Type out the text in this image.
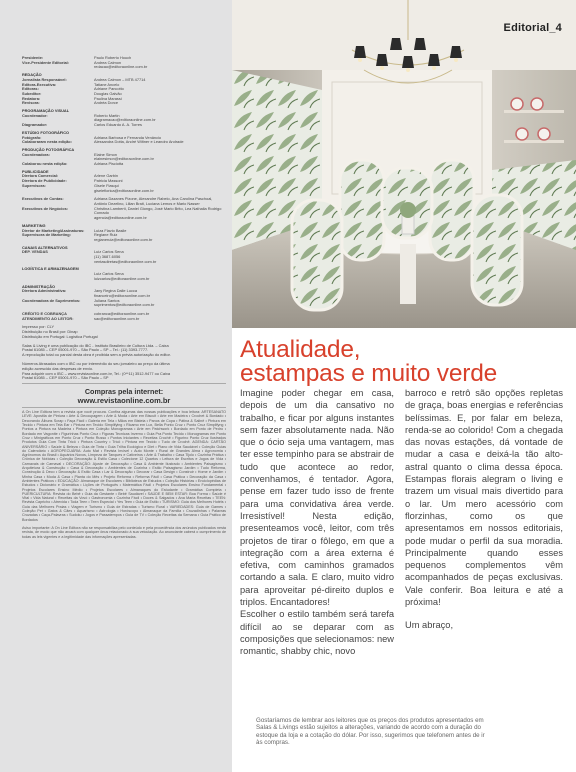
Presidente:	Paulo Roberto Houch
Vice-Presidente Editorial:	Andrea Calmon
redacao@editoraonline.com.br
REDAÇÃO
Jornalista Responsável:	Andrea Calmon – MTB 47714
Editora-Executiva:	Tatiane Ancelo
Editoras:	Adriane Pancotto
Subeditor:	Douglas Galvão
Redatora:	Paulina Marassi
Revisora:	Andréa Dorce
PROGRAMAÇÃO VISUAL
Coordenador:	Roberio Martin
diagramacao@editoraonline.com.br
Diagramador:	Carlos Eduardo A. A. Torres
ESTÚDIO FOTOGRÁFICO
Fotógrafo:	Adriana Barbosa e Fernanda Venâncio
Colaboraram nesta edição:	Alessandra Dotta, André Wiltner e Leandro Andrade
PRODUÇÃO FOTOGRÁFICA
Coordenadora:	Elaine Simon
elainesimon@editoraonline.com.br
Colaborou nesta edição:	Adriana Pisciotta
PUBLICIDADE
Diretora Comercial:	Arlene Garbin
Diretora de Publicidade:	Patricia Massoni
Supervisora:	Gisele Fiasqui
giselefiorica@editoraonline.com.br
Executivos de Contas:	Adriana Dazanes Pizone, Alexandre Rabelo, Ana Carolina Paschoal, Antônio Dezelino, Lilian Brait, Luciana Lemos e Mario Nasser
Executivos de Negócios:	Christina Lamberti, Daniel Giongo, José Mario Brito, Lea Nathalia Rodrigo Conrado
agencia@editoraonline.com.br
MARKETING
Diretor de Marketing/Assinaturas:	Luiza Flavio Basile
Supervisora de Marketing:	Regiane Ruiz
regianeruiz@editoraonline.com.br
CANAIS ALTERNATIVOS
DEP. VENDAS	Luiz Carlos Sena
(11) 3687-6056
ventasdiretas@editoraonline.com.br
LOGÍSTICA E ARMAZENAGEM
Luiz Carlos Sena
luizcarlos@editoraonline.com.br
ADMINISTRAÇÃO
Diretora Administrativa:	Jany Regina Dalle Lucca
financeiro@editoraonline.com.br
Coordenadora de Suprimentos:	Juliana Santos
suprimentos@editoraonline.com.br
CRÉDITO E COBRANÇA	cobranca@editoraonline.com.br
ATENDIMENTO AO LEITOR:	sac@editoraonline.com.br
Impresso por: CLY
Distribuição no Brasil por: Dinap
Distribuição em Portugal: Logística Portugal
Salas & Living é uma publicação do IBC - Instituto Brasileiro de Cultura Ltda. – Caixa
Postal 61085 – CEP 05001-970 – São Paulo – SP – Tel.: (11) 3393-7777.
A reprodução total ou parcial desta obra é proibida sem a prévia autorização do editor.

Números Atrasados com o IBC ou por intermédio do seu jornaleiro ao preço da última
edição acrescido das despesas de envio.
Para adquirir com o IBC – www.revistaonline.com.br, Tel.: (0**11) 3512-9477 ou Caixa
Postal 61085 – CEP 05001-970 – São Paulo – SP
Compras pela internet:
www.revistaonline.com.br
A On Line Editora tem a revista que você procura. Confira algumas das nossas publicações e boa leitura: ARTESANATO LEVE: Apostila de Pintura • Arte & Decoupagem • Arte & Moda • Arte em Biscuit • Arte em Madeira • Crochet & Bordado • Decorando Álbuns Scrap • Faça Fácil • Galeria em Tela • Mãos em Bisteia • Panos de Copa • Pátina & Salinê • Pintura em Tecido • Pintura em Tela Ear • Pintura em Tecido Simplifying • Ricamo em Lux, Bella Ponto Cruz • Ponto Cruz Simplifyng • Pontos a Pintura na Madeira • Pintura em Coleção Monogramas • Arte em Patchwork • Bordado em Ponto de Pedro • Bordado em Vagonite • Figurinhas Ponto Cruz • Figuras Tecnicas Inverno • Guia Pra Ponto Tecido • Monogramas em Ponto Cruz • Minigráficos em Ponto Cruz • Ponto Russo • Pontos Iniciantes • Receitas Crochê • Figurino Ponto Cruz Ilustrados Produtos Guia Com Tinta Tricô • Pintura Country • Tricô • Pintura em Tecido • Tudo de Crochê. AGENDA: CARTÃO ANIVERSÁRIO • Saúde & Beleza • Guia de Tinta • Guia Trilha Ecológico e Diet • Plano de Vida Saudável • Coleção Guias do Calendário • AGROPECUÁRIA: Auto Mat • Revista Imóvel • Auto Monte • Rural de Grandes Alma • Agronomia • Agrônomos do Brasil • Aquários Novos, Limpeza de Tanques e Cativeiros • Arte & Trabalho • Casa Tijolo • Cozinha Prática • Crônica de Notícias • Coleção Decoração & Estilo Casa • Colecione 12 Quartos • Leitura de Escritos e Jogos de Vida • Carnavais de Carnaval • DECORAÇÃO: Ajuste de Decoração • Casa & Ambiente Ilustrado • Ambientes Paisagismo • Arquitetura & Construção • Casa & Decoração • Ambientes de Cozinha • Estilo Paisagismo Jardim • Tudo Reforma, Construção & Deco • Decoração & Estilo Casa • Lar & Decoração • Decorar • Casa Design • Construir • Home e Jardim • Minha Casa • Moda & Casa • Planta do Mês • Projeto Reforma • Reforma Fácil • Casa Prática • Decoração da Casa • Ambientes Práticos • EDUCAÇÃO: Almanaque de Escolares • Biblioteca de Estudos • Coleção Histórias • Enciclopédias de Estudos • Dicionário e Gramática • Lições de Português • Matemática Fácil • Projetos Escolares Ensino Fundamental • Projetos Escolares Ensino Médio • Projetos Escolares • Almanaques do Estudante • Gramática Completa • PUERICULTURA: Revista do Bebê • Guia da Gestante • Bebê Saudável • SAÚDE E BEM ESTAR: Boa Forma • Saúde é Vital • Vida Natural • Receitas da Vovó • Gastronomia • Cozinha Fácil • Doces & Salgados • Ana Maria Receitas • TEEN: Revista Capricho • Atrevida • Toda Teen • Teen Especial • Yes Teen • Guia de Estilo • TURISMO: Guia dos Melhores Hotéis • Guia das Melhores Praias • Viagem e Turismo • Guia de Estradas • Turismo Rural • VARIEDADES: Guia de Games • Coleção Pet • Gatos & Cães • Aquarismo • Astrologia • Horóscopo • Almanaque da Família • Cruzadinhas • Palavras Cruzadas • Caça-Palavras • Sudoku • Jogos e Passatempos • Guia de TV • Coleção Receitas da Semana • Guia Prático de Bordados
Aviso importante: A On Line Editora não se responsabiliza pelo conteúdo e pela procedência dos anúncios publicados nesta revista, de modo que não arcará com qualquer ônus relacionado à sua veiculação. Ao anunciante caberá o cumprimento de todas as leis vigentes e a legitimidade das informações apresentadas.
Editorial_4
Atualidade,
estampas e muito verde
Imagine poder chegar em casa, depois de um dia cansativo no trabalho, e ficar por alguns instantes sem fazer absolutamente nada. Não que o ócio seja uma vantagem, mas ter esse tempinho para se abstrair de tudo que acontece ao redor, convenhamos, é tentador. Agora, pense em fazer tudo isso de frente para uma convidativa área verde. Irresistível! Nesta edição, presenteamos você, leitor, com três projetos de tirar o fôlego, em que a integração com a área externa é efetiva, com caminhos gramados cortando a sala. E claro, muito vidro para aproveitar pé-direito duplos e triplos. Encantadores!
Escolher o estilo também será tarefa difícil ao se deparar com as composições que selecionamos: new romantic, shabby chic, novo

barroco e retrô são opções repletas de graça, boas energias e referências belíssimas. E, por falar em beleza, renda-se ao colorido! Com a chegada das novas estações, dá vontade de mudar a casa e deixá-la tão alto-astral quanto o clima dessa época. Estampas florais alegram o living e trazem um visual mais divertido para o lar. Um mero acessório com florzinhas, como os que apresentamos em nossos editoriais, pode mudar o perfil da sua moradia. Principalmente quando esses pequenos complementos vêm acompanhados de peças exclusivas. Vale conferir. Boa leitura e até a próxima!

Um abraço,

Gostaríamos de lembrar aos leitores que os preços dos produtos apresentados em Salas & Livings estão sujeitos a alterações, variando de acordo com a duração do estoque da loja e a cotação do dólar. Por isso, sugerimos que telefonem antes de ir às compras.
